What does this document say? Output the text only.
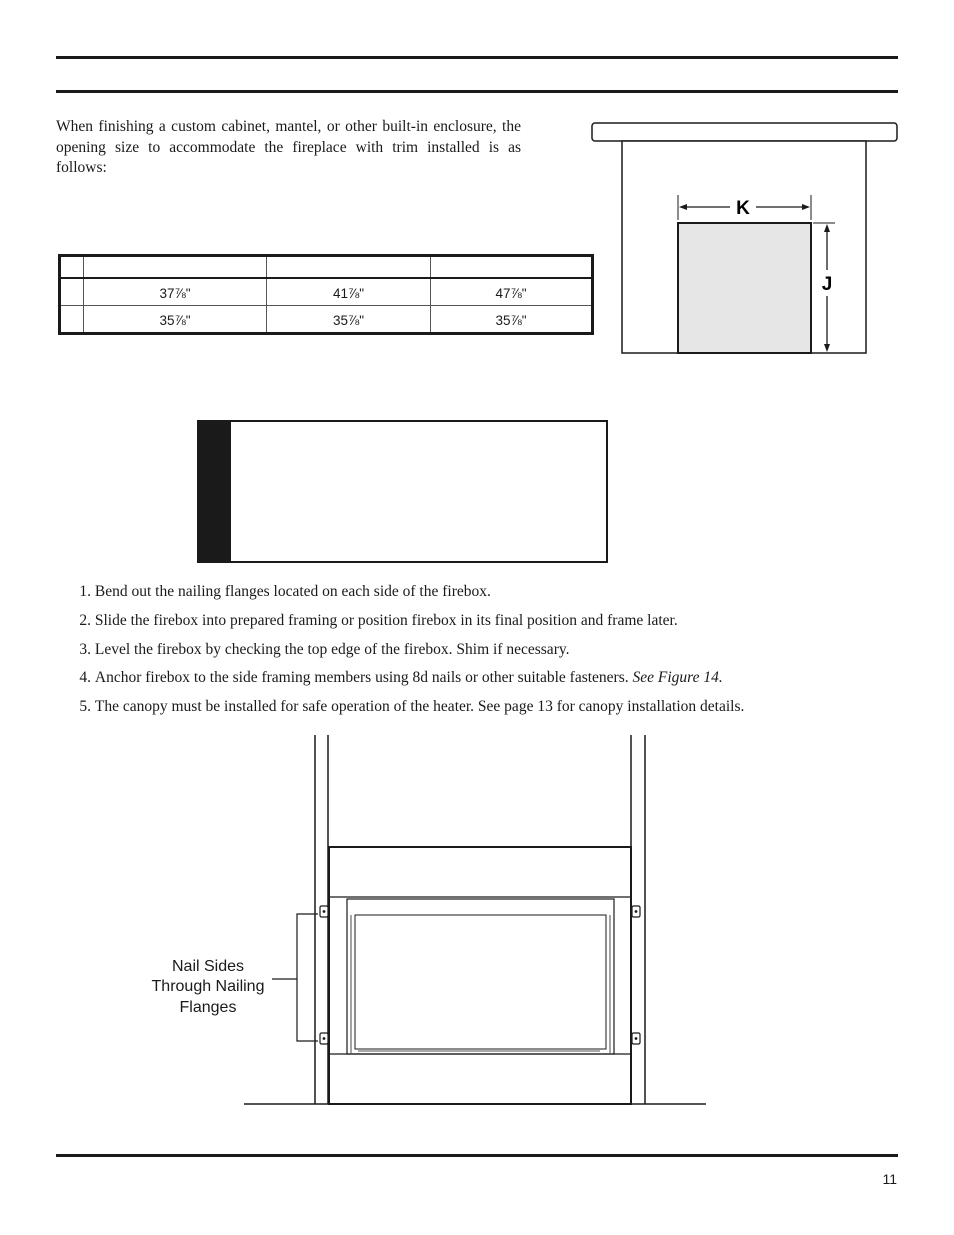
When finishing a custom cabinet, mantel, or other built-in enclosure, the opening size to accommodate the fireplace with trim installed is as follows:

	37⅞"	41⅞"	47⅞"
	35⅞"	35⅞"	35⅞"
K
J
1.
Bend out the nailing flanges located on each side of the firebox.
2.
Slide the firebox into prepared framing or position firebox in its final position and frame later.
3.
Level the firebox by checking the top edge of the firebox. Shim if necessary.
4.
Anchor firebox to the side framing members using 8d nails or other suitable fasteners. See Figure 14.
5.
The canopy must be installed for safe operation of the heater. See page 13 for canopy installation details.
Nail Sides
Through Nailing
Flanges
11
